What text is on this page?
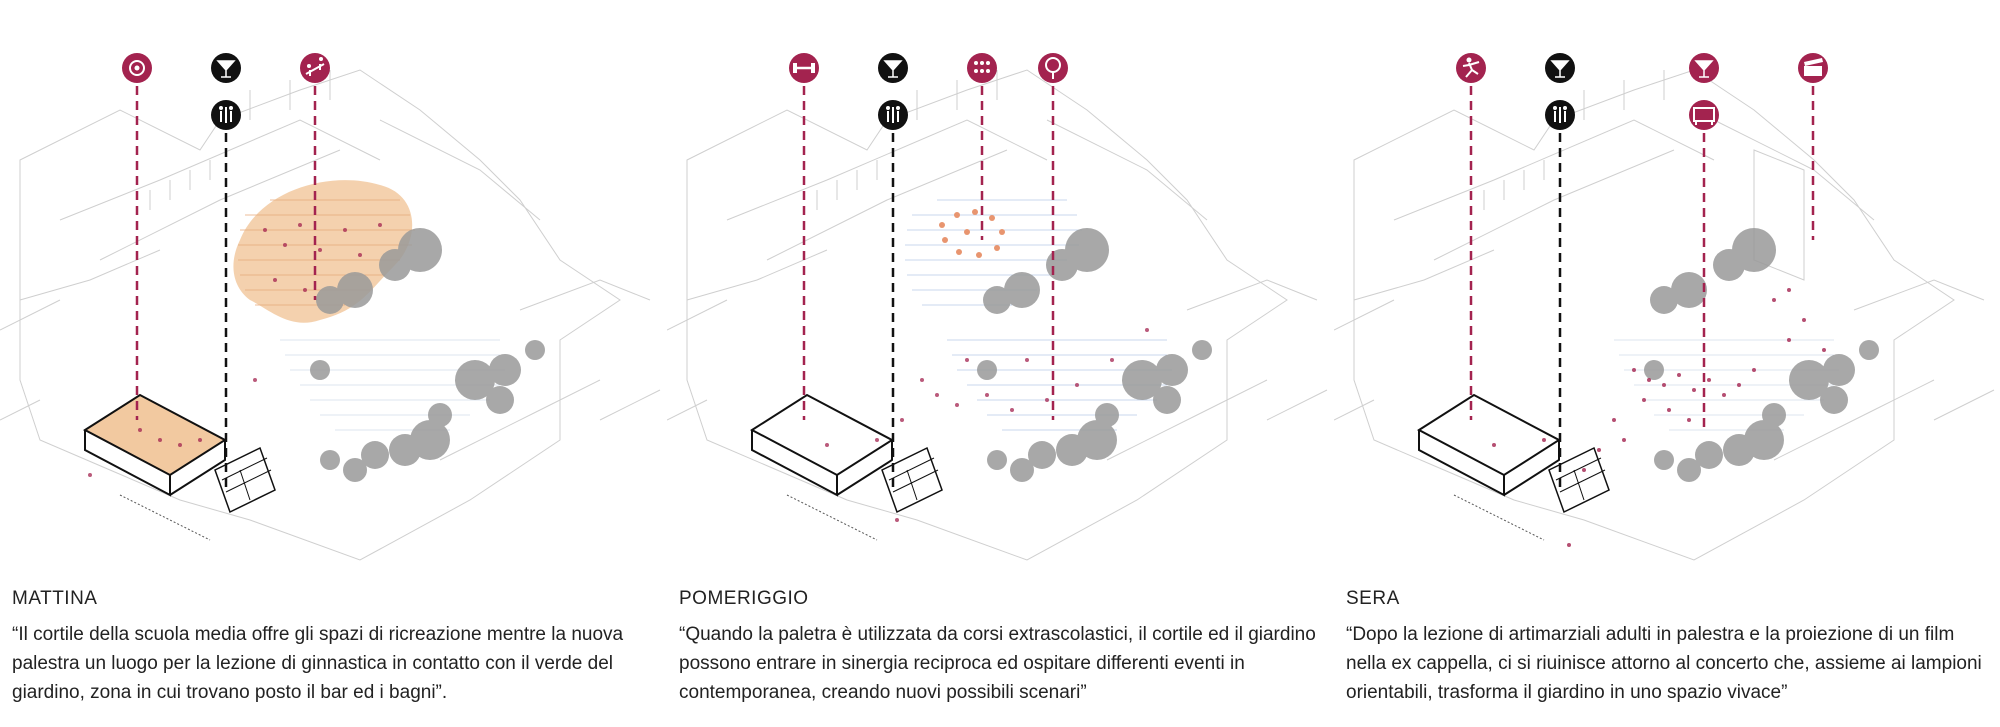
MATTINA

“Il cortile della scuola media offre gli spazi di ricreazione mentre la nuova palestra un luogo per la lezione di ginnastica in contatto con il verde del giardino, zona in cui trovano posto il bar ed i bagni”.

POMERIGGIO

“Quando la paletra è utilizzata da corsi extrascolastici, il cortile ed il giardino possono entrare in sinergia reciproca ed ospitare differenti eventi in contemporanea, creando nuovi possibili scenari”

SERA

“Dopo la lezione di artimarziali adulti in palestra e la proiezione di un film nella ex cappella, ci si riuinisce attorno al concerto che, assieme ai lampioni orientabili, trasforma il giardino in uno spazio vivace”
